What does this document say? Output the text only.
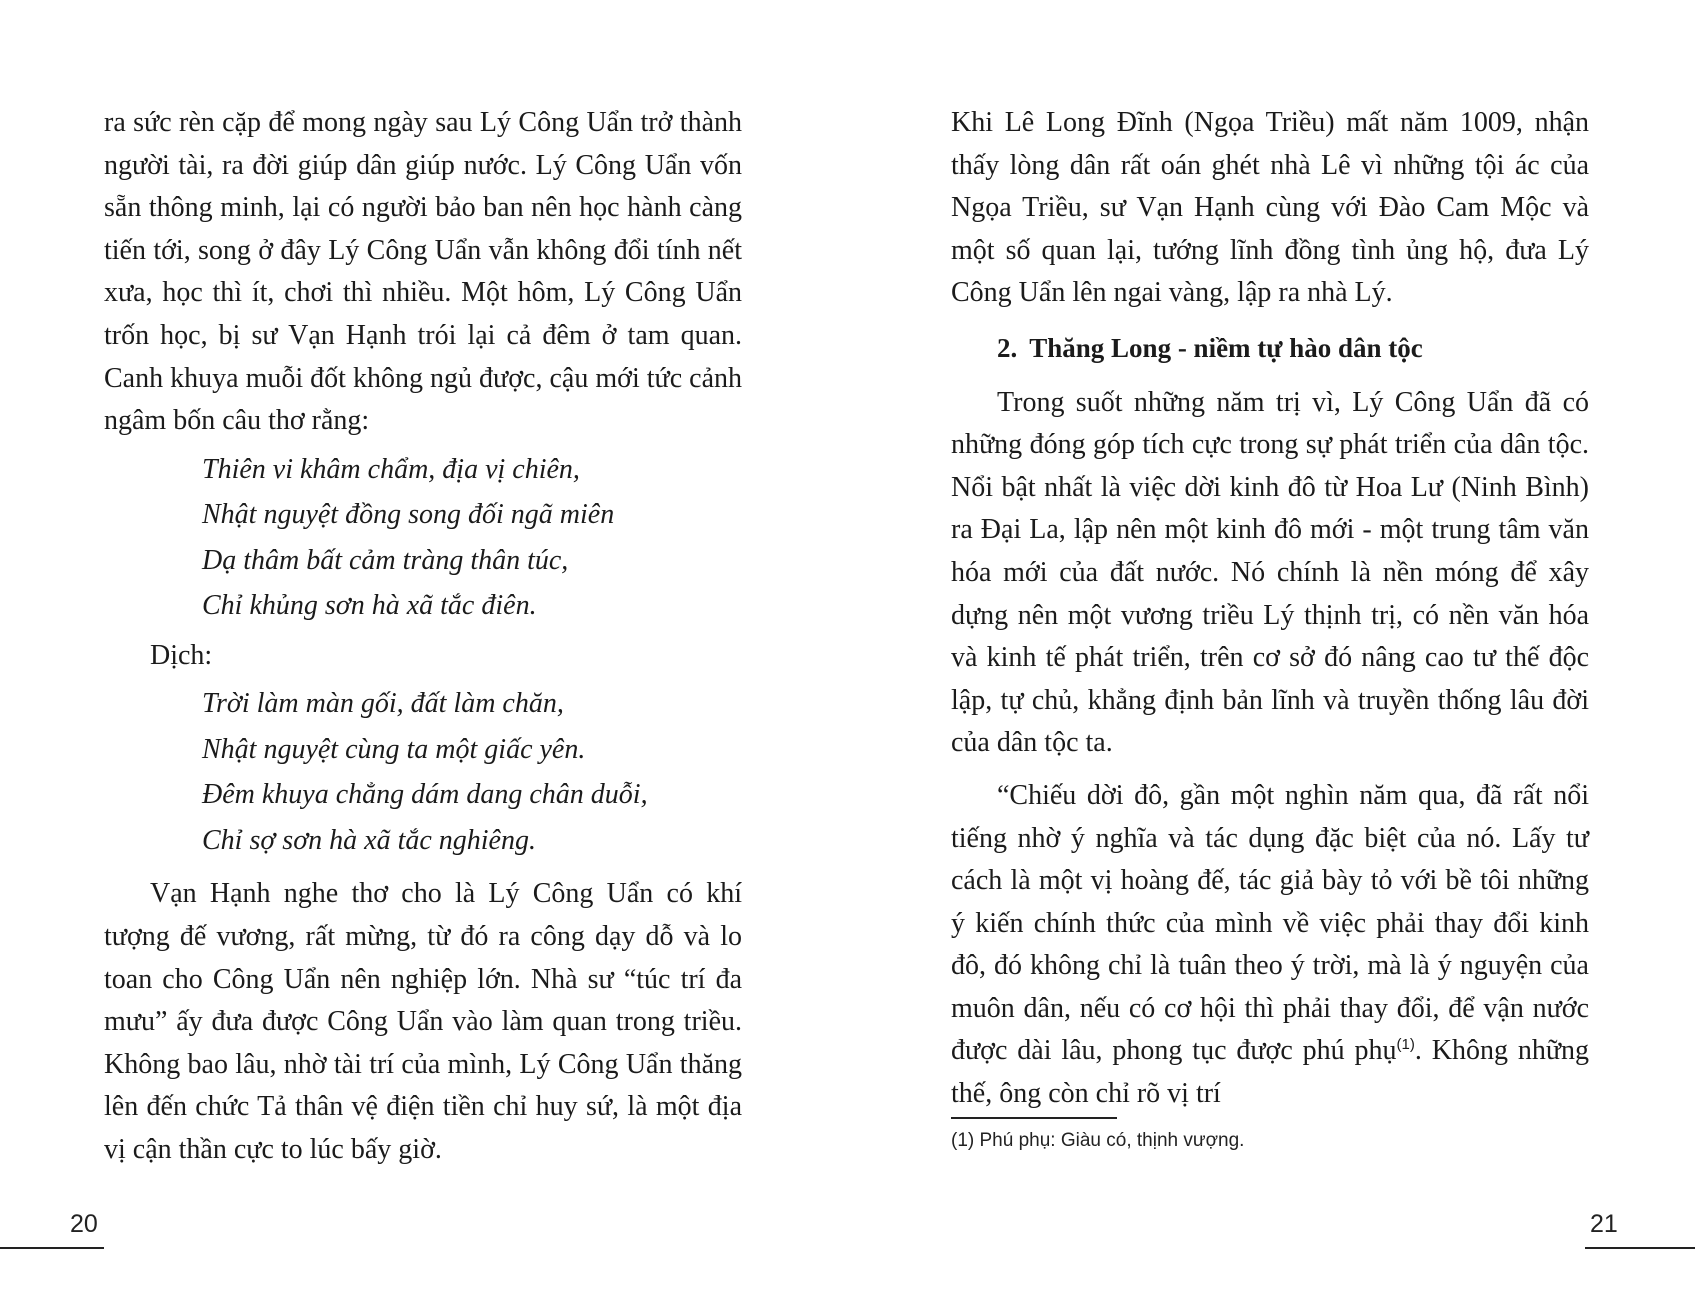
ra sức rèn cặp để mong ngày sau Lý Công Uẩn trở thành người tài, ra đời giúp dân giúp nước. Lý Công Uẩn vốn sẵn thông minh, lại có người bảo ban nên học hành càng tiến tới, song ở đây Lý Công Uẩn vẫn không đổi tính nết xưa, học thì ít, chơi thì nhiều. Một hôm, Lý Công Uẩn trốn học, bị sư Vạn Hạnh trói lại cả đêm ở tam quan. Canh khuya muỗi đốt không ngủ được, cậu mới tức cảnh ngâm bốn câu thơ rằng:

Thiên vi khâm chẩm, địa vị chiên,
Nhật nguyệt đồng song đối ngã miên
Dạ thâm bất cảm tràng thân túc,
Chỉ khủng sơn hà xã tắc điên.

Dịch:

Trời làm màn gối, đất làm chăn,
Nhật nguyệt cùng ta một giấc yên.
Đêm khuya chẳng dám dang chân duỗi,
Chỉ sợ sơn hà xã tắc nghiêng.

Vạn Hạnh nghe thơ cho là Lý Công Uẩn có khí tượng đế vương, rất mừng, từ đó ra công dạy dỗ và lo toan cho Công Uẩn nên nghiệp lớn. Nhà sư “túc trí đa mưu” ấy đưa được Công Uẩn vào làm quan trong triều. Không bao lâu, nhờ tài trí của mình, Lý Công Uẩn thăng lên đến chức Tả thân vệ điện tiền chỉ huy sứ, là một địa vị cận thần cực to lúc bấy giờ.

20

Khi Lê Long Đĩnh (Ngọa Triều) mất năm 1009, nhận thấy lòng dân rất oán ghét nhà Lê vì những tội ác của Ngọa Triều, sư Vạn Hạnh cùng với Đào Cam Mộc và một số quan lại, tướng lĩnh đồng tình ủng hộ, đưa Lý Công Uẩn lên ngai vàng, lập ra nhà Lý.

2. Thăng Long - niềm tự hào dân tộc

Trong suốt những năm trị vì, Lý Công Uẩn đã có những đóng góp tích cực trong sự phát triển của dân tộc. Nổi bật nhất là việc dời kinh đô từ Hoa Lư (Ninh Bình) ra Đại La, lập nên một kinh đô mới - một trung tâm văn hóa mới của đất nước. Nó chính là nền móng để xây dựng nên một vương triều Lý thịnh trị, có nền văn hóa và kinh tế phát triển, trên cơ sở đó nâng cao tư thế độc lập, tự chủ, khẳng định bản lĩnh và truyền thống lâu đời của dân tộc ta.

“Chiếu dời đô, gần một nghìn năm qua, đã rất nổi tiếng nhờ ý nghĩa và tác dụng đặc biệt của nó. Lấy tư cách là một vị hoàng đế, tác giả bày tỏ với bề tôi những ý kiến chính thức của mình về việc phải thay đổi kinh đô, đó không chỉ là tuân theo ý trời, mà là ý nguyện của muôn dân, nếu có cơ hội thì phải thay đổi, để vận nước được dài lâu, phong tục được phú phụ$^{(1)}$. Không những thế, ông còn chỉ rõ vị trí

(1) Phú phụ: Giàu có, thịnh vượng.
21
